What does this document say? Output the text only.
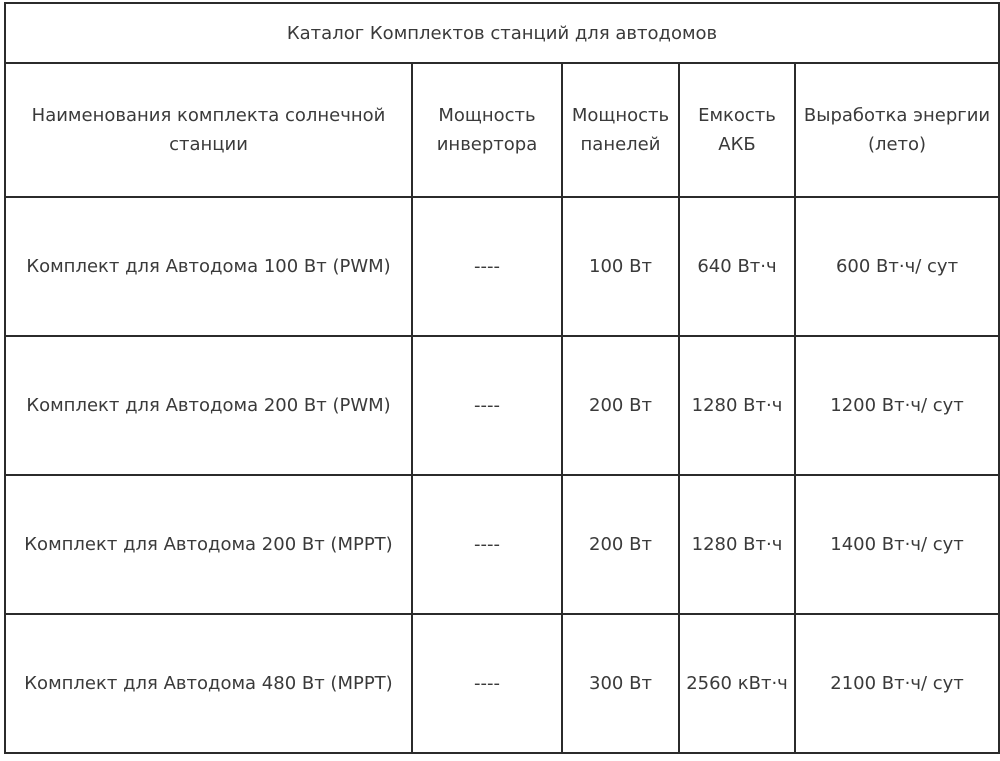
Каталог Комплектов станций для автодомов				
Наименования комплекта солнечной станции	Мощность инвертора	Мощность панелей	Емкость АКБ	Выработка энергии (лето)
Комплект для Автодома 100 Вт (PWM)	----	100 Вт	640 Вт·ч	600 Вт·ч/ сут
Комплект для Автодома 200 Вт (PWM)	----	200 Вт	1280 Вт·ч	1200 Вт·ч/ сут
Комплект для Автодома 200 Вт (MPPT)	----	200 Вт	1280 Вт·ч	1400 Вт·ч/ сут
Комплект для Автодома 480 Вт (MPPT)	----	300 Вт	2560 кВт·ч	2100 Вт·ч/ сут
